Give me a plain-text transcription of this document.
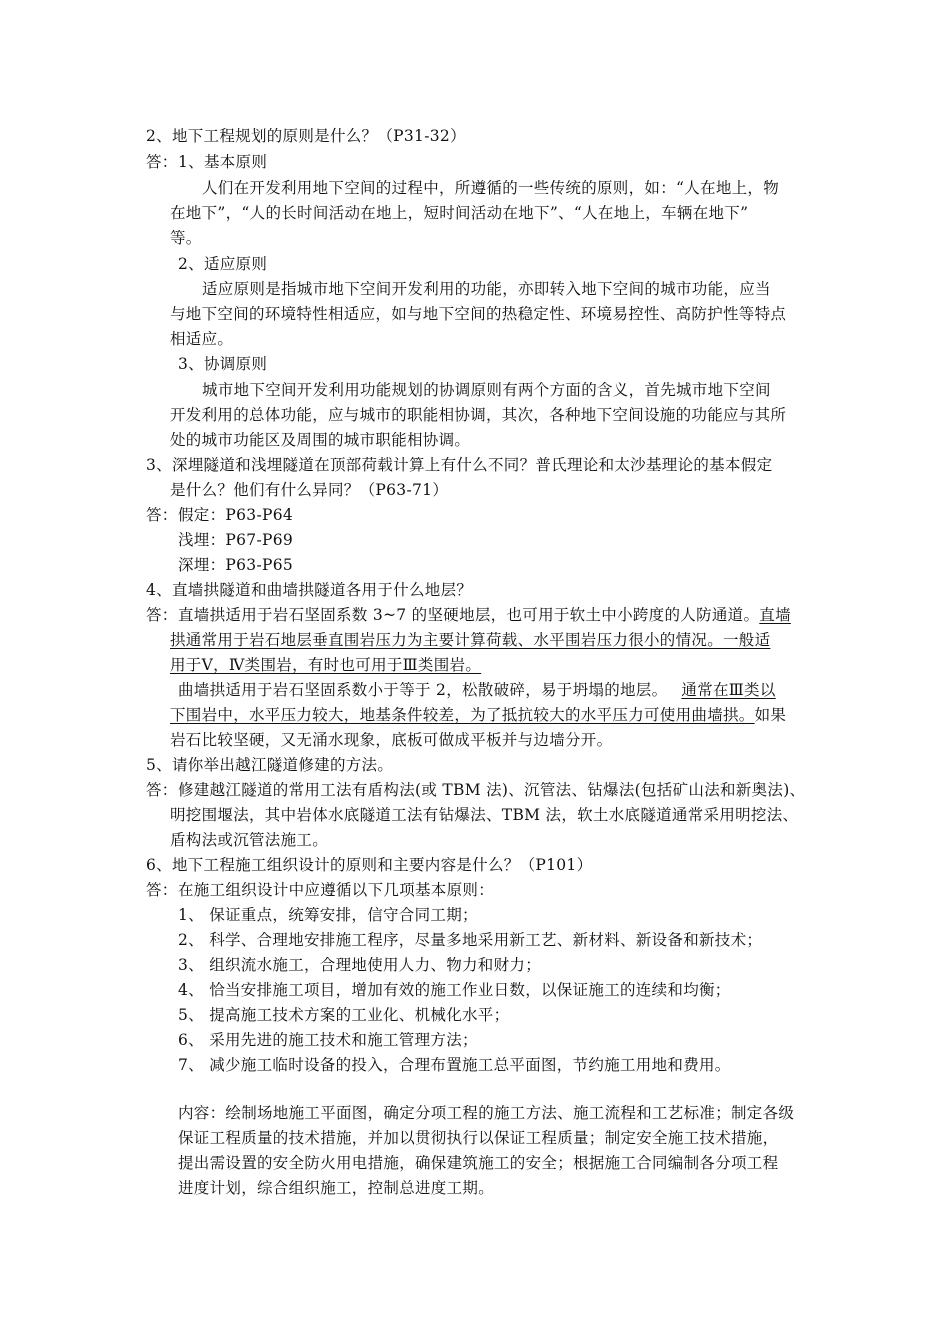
2、地下工程规划的原则是什么？（P31-32）
答： 1、基本原则
人们在开发利用地下空间的过程中，所遵循的一些传统的原则，如：“人在地上，物
在地下”，“人的长时间活动在地上，短时间活动在地下”、“人在地上，车辆在地下”
等。
2、适应原则
适应原则是指城市地下空间开发利用的功能，亦即转入地下空间的城市功能，应当
与地下空间的环境特性相适应，如与地下空间的热稳定性、环境易控性、高防护性等特点
相适应。
3、协调原则
城市地下空间开发利用功能规划的协调原则有两个方面的含义，首先城市地下空间
开发利用的总体功能，应与城市的职能相协调，其次，各种地下空间设施的功能应与其所
处的城市功能区及周围的城市职能相协调。
3、深埋隧道和浅埋隧道在顶部荷载计算上有什么不同？普氏理论和太沙基理论的基本假定
是什么？他们有什么异同？（P63-71）
答： 假定：P63-P64
浅埋：P67-P69
深埋：P63-P65
4、直墙拱隧道和曲墙拱隧道各用于什么地层？
答： 直墙拱适用于岩石坚固系数 3~7 的坚硬地层，也可用于软土中小跨度的人防通道。直墙
拱通常用于岩石地层垂直围岩压力为主要计算荷载、水平围岩压力很小的情况。一般适
用于Ⅴ，Ⅳ类围岩，有时也可用于Ⅲ类围岩。
曲墙拱适用于岩石坚固系数小于等于 2，松散破碎，易于坍塌的地层。 通常在Ⅲ类以
下围岩中，水平压力较大，地基条件较差，为了抵抗较大的水平压力可使用曲墙拱。如果
岩石比较坚硬，又无涌水现象，底板可做成平板并与边墙分开。
5、请你举出越江隧道修建的方法。
答： 修建越江隧道的常用工法有盾构法(或 TBM 法)、沉管法、钻爆法(包括矿山法和新奥法)、
明挖围堰法，其中岩体水底隧道工法有钻爆法、TBM 法，软土水底隧道通常采用明挖法、
盾构法或沉管法施工。
6、地下工程施工组织设计的原则和主要内容是什么？（P101）
答： 在施工组织设计中应遵循以下几项基本原则：
1、 保证重点，统筹安排，信守合同工期；
2、 科学、合理地安排施工程序，尽量多地采用新工艺、新材料、新设备和新技术；
3、 组织流水施工，合理地使用人力、物力和财力；
4、 恰当安排施工项目，增加有效的施工作业日数，以保证施工的连续和均衡；
5、 提高施工技术方案的工业化、机械化水平；
6、 采用先进的施工技术和施工管理方法；
7、 减少施工临时设备的投入，合理布置施工总平面图，节约施工用地和费用。
内容：绘制场地施工平面图，确定分项工程的施工方法、施工流程和工艺标准；制定各级
保证工程质量的技术措施，并加以贯彻执行以保证工程质量；制定安全施工技术措施，
提出需设置的安全防火用电措施，确保建筑施工的安全；根据施工合同编制各分项工程
进度计划，综合组织施工，控制总进度工期。
